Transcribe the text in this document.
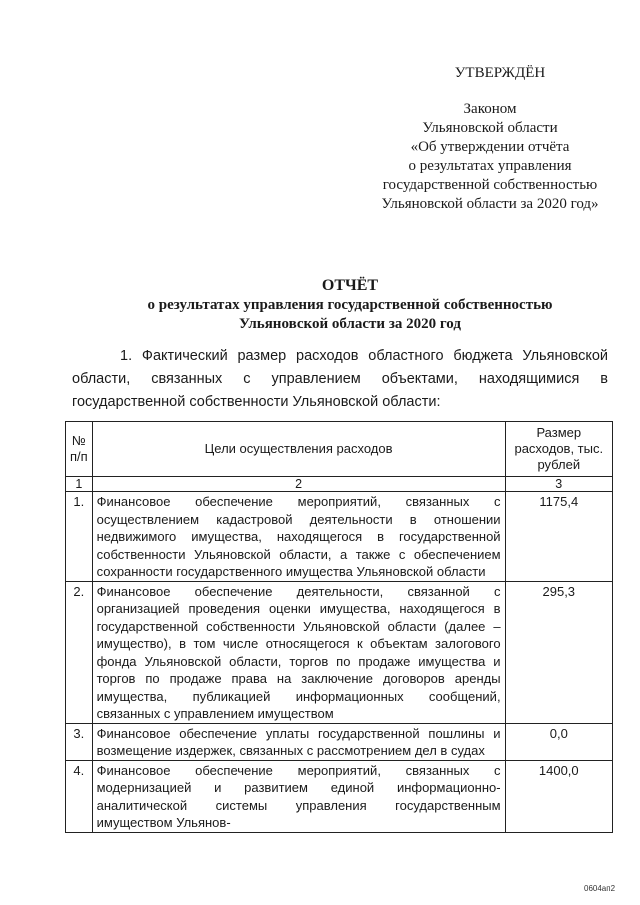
УТВЕРЖДЁН
Законом
Ульяновской области
«Об утверждении отчёта
о результатах управления
государственной собственностью
Ульяновской области за 2020 год»
ОТЧЁТ
о результатах управления государственной собственностью
Ульяновской области за 2020 год
1. Фактический размер расходов областного бюджета Ульяновской области, связанных с управлением объектами, находящимися в государственной собственности Ульяновской области:
№ п/п	Цели осуществления расходов	Размер расходов, тыс. рублей
1	2	3
1.	Финансовое обеспечение мероприятий, связанных с осуществлением кадастровой деятельности в отношении недвижимого имущества, находящегося в государственной собственности Ульяновской области, а также с обеспечением сохранности государственного имущества Ульяновской области	1175,4
2.	Финансовое обеспечение деятельности, связанной с организацией проведения оценки имущества, находящегося в государственной собственности Ульяновской области (далее – имущество), в том числе относящегося к объектам залогового фонда Ульяновской области, торгов по продаже имущества и торгов по продаже права на заключение договоров аренды имущества, публикацией информационных сообщений, связанных с управлением имуществом	295,3
3.	Финансовое обеспечение уплаты государственной пошлины и возмещение издержек, связанных с рассмотрением дел в судах	0,0
4.	Финансовое обеспечение мероприятий, связанных с модернизацией и развитием единой информационно-аналитической системы управления государственным имуществом Ульянов-	1400,0
0604ап2
